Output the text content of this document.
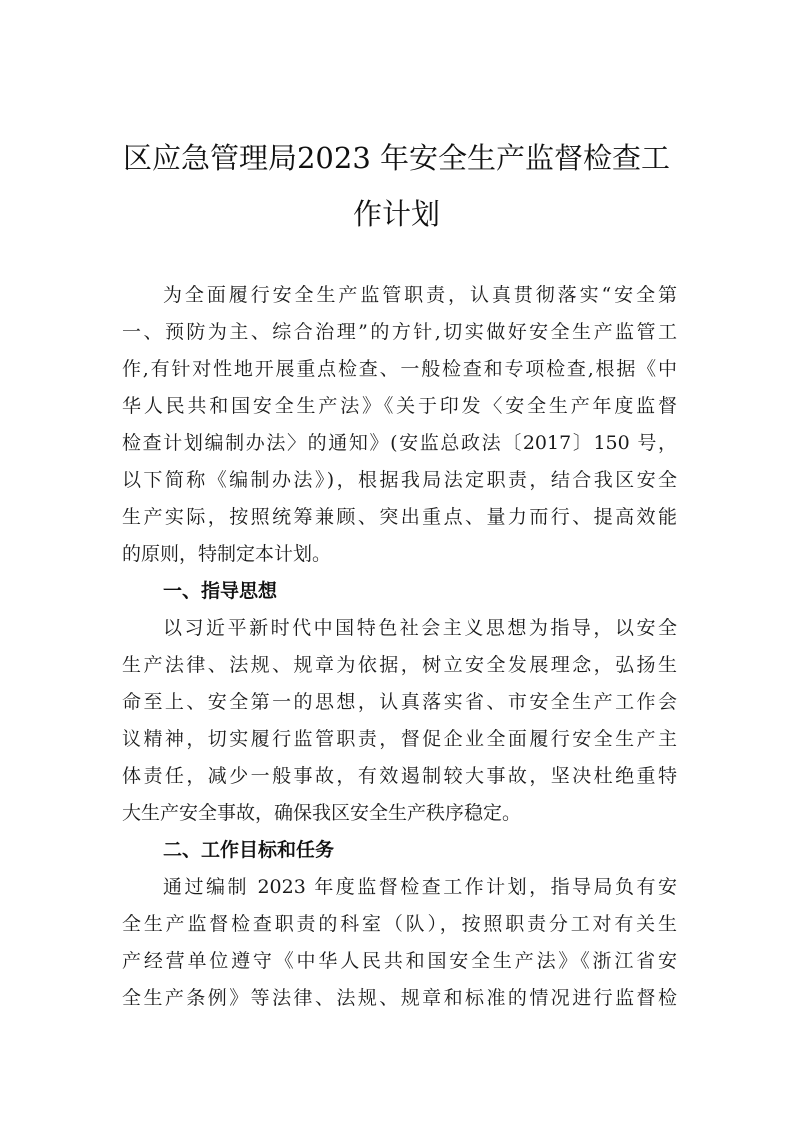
区应急管理局2023 年安全生产监督检查工
作计划
为全面履行安全生产监管职责，认真贯彻落实“安全第
一、预防为主、综合治理”的方针,切实做好安全生产监管工
作,有针对性地开展重点检查、一般检查和专项检查,根据《中
华人民共和国安全生产法》《关于印发〈安全生产年度监督
检查计划编制办法〉的通知》(安监总政法〔2017〕150 号，
以下简称《编制办法》)，根据我局法定职责，结合我区安全
生产实际，按照统筹兼顾、突出重点、量力而行、提高效能
的原则，特制定本计划。
一、指导思想
以习近平新时代中国特色社会主义思想为指导，以安全
生产法律、法规、规章为依据，树立安全发展理念，弘扬生
命至上、安全第一的思想，认真落实省、市安全生产工作会
议精神，切实履行监管职责，督促企业全面履行安全生产主
体责任，减少一般事故，有效遏制较大事故，坚决杜绝重特
大生产安全事故，确保我区安全生产秩序稳定。
二、工作目标和任务
通过编制 2023 年度监督检查工作计划，指导局负有安
全生产监督检查职责的科室（队），按照职责分工对有关生
产经营单位遵守《中华人民共和国安全生产法》《浙江省安
全生产条例》等法律、法规、规章和标准的情况进行监督检
